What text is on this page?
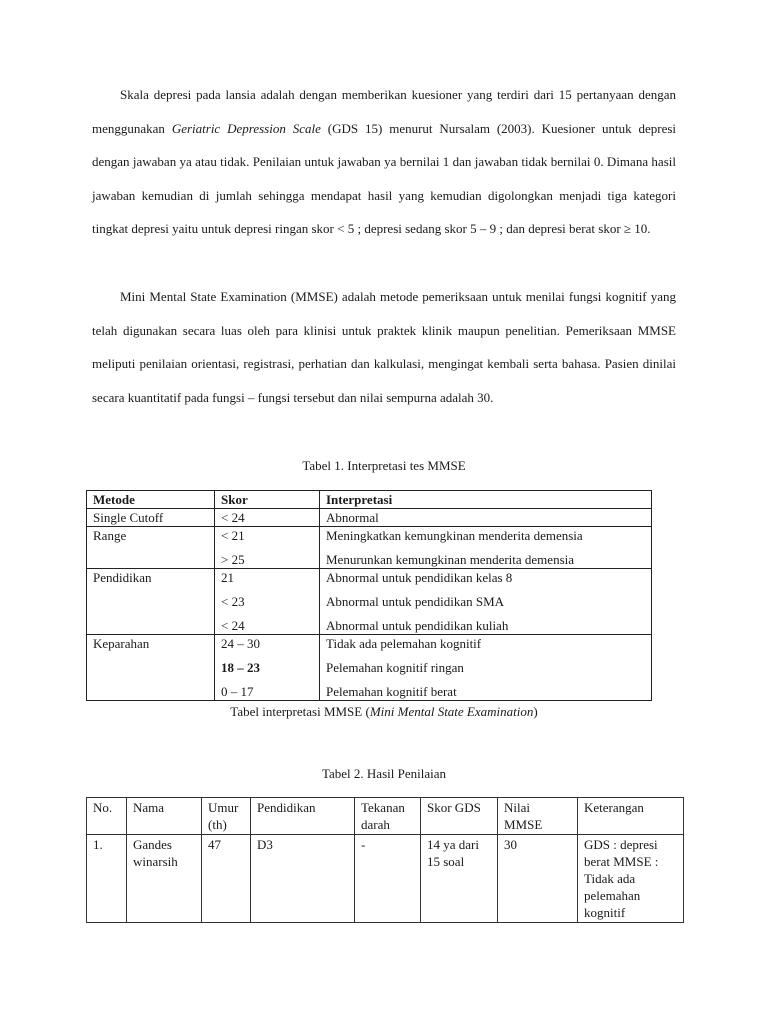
Skala depresi pada lansia adalah dengan memberikan kuesioner yang terdiri dari 15 pertanyaan dengan menggunakan Geriatric Depression Scale (GDS 15) menurut Nursalam (2003). Kuesioner untuk depresi dengan jawaban ya atau tidak. Penilaian untuk jawaban ya bernilai 1 dan jawaban tidak bernilai 0. Dimana hasil jawaban kemudian di jumlah sehingga mendapat hasil yang kemudian digolongkan menjadi tiga kategori tingkat depresi yaitu untuk depresi ringan skor < 5 ; depresi sedang skor 5 – 9 ; dan depresi berat skor ≥ 10.

Mini Mental State Examination (MMSE) adalah metode pemeriksaan untuk menilai fungsi kognitif yang telah digunakan secara luas oleh para klinisi untuk praktek klinik maupun penelitian. Pemeriksaan MMSE meliputi penilaian orientasi, registrasi, perhatian dan kalkulasi, mengingat kembali serta bahasa. Pasien dinilai secara kuantitatif pada fungsi – fungsi tersebut dan nilai sempurna adalah 30.

Tabel 1. Interpretasi tes MMSE
Metode	Skor	Interpretasi
Single Cutoff	< 24	Abnormal
Range	< 21	Meningkatkan kemungkinan menderita demensia
	> 25	Menurunkan kemungkinan menderita demensia
Pendidikan	21	Abnormal untuk pendidikan kelas 8
	< 23	Abnormal untuk pendidikan SMA
	< 24	Abnormal untuk pendidikan kuliah
Keparahan	24 – 30	Tidak ada pelemahan kognitif
	18 – 23	Pelemahan kognitif ringan
	0 – 17	Pelemahan kognitif berat
Tabel interpretasi MMSE (Mini Mental State Examination)
Tabel 2. Hasil Penilaian
No.	Nama	Umur (th)	Pendidikan	Tekanan darah	Skor GDS	Nilai MMSE	Keterangan
1.	Gandes winarsih	47	D3	-	14 ya dari 15 soal	30	GDS : depresi berat MMSE : Tidak ada pelemahan kognitif
